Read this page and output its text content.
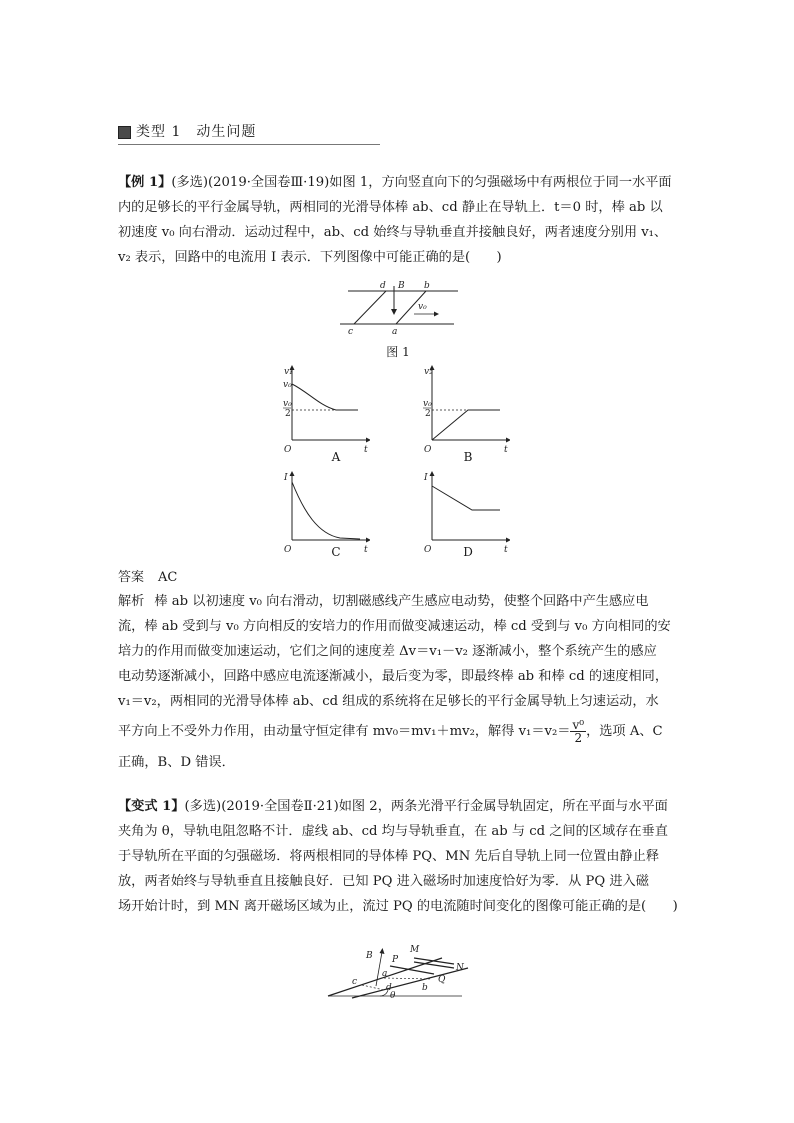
类型 1　动生问题
【例 1】(多选)(2019·全国卷Ⅲ·19)如图 1，方向竖直向下的匀强磁场中有两根位于同一水平面
内的足够长的平行金属导轨，两相同的光滑导体棒 ab、cd 静止在导轨上．t＝0 时，棒 ab 以
初速度 v₀ 向右滑动．运动过程中，ab、cd 始终与导轨垂直并接触良好，两者速度分别用 v₁、
v₂ 表示，回路中的电流用 I 表示．下列图像中可能正确的是(　　)
d B b
v₀
c	a
图 1
v₁
v₀
v₀
2
O	t
A
v₂
v₀
2
O	t
B
I
O	t
C
I
O	t
D
答案 AC
解析 棒 ab 以初速度 v₀ 向右滑动，切割磁感线产生感应电动势，使整个回路中产生感应电
流，棒 ab 受到与 v₀ 方向相反的安培力的作用而做变减速运动，棒 cd 受到与 v₀ 方向相同的安
培力的作用而做变加速运动，它们之间的速度差 Δv＝v₁－v₂ 逐渐减小，整个系统产生的感应
电动势逐渐减小，回路中感应电流逐渐减小，最后变为零，即最终棒 ab 和棒 cd 的速度相同，
v₁＝v₂，两相同的光滑导体棒 ab、cd 组成的系统将在足够长的平行金属导轨上匀速运动，水
平方向上不受外力作用，由动量守恒定律有 mv₀＝mv₁＋mv₂，解得 $v_1=v_2= \frac{\text{v⁰}}{2}$ ，选项 A、C
正确，B、D 错误．
【变式 1】(多选)(2019·全国卷Ⅱ·21)如图 2，两条光滑平行金属导轨固定，所在平面与水平面
夹角为 θ，导轨电阻忽略不计．虚线 ab、cd 均与导轨垂直，在 ab 与 cd 之间的区域存在垂直
于导轨所在平面的匀强磁场．将两根相同的导体棒 PQ、MN 先后自导轨上同一位置由静止释
放，两者始终与导轨垂直且接触良好．已知 PQ 进入磁场时加速度恰好为零．从 PQ 进入磁
场开始计时，到 MN 离开磁场区域为止，流过 PQ 的电流随时间变化的图像可能正确的是(　　)
B P
M
N
Q
a
c
d	b
θ
